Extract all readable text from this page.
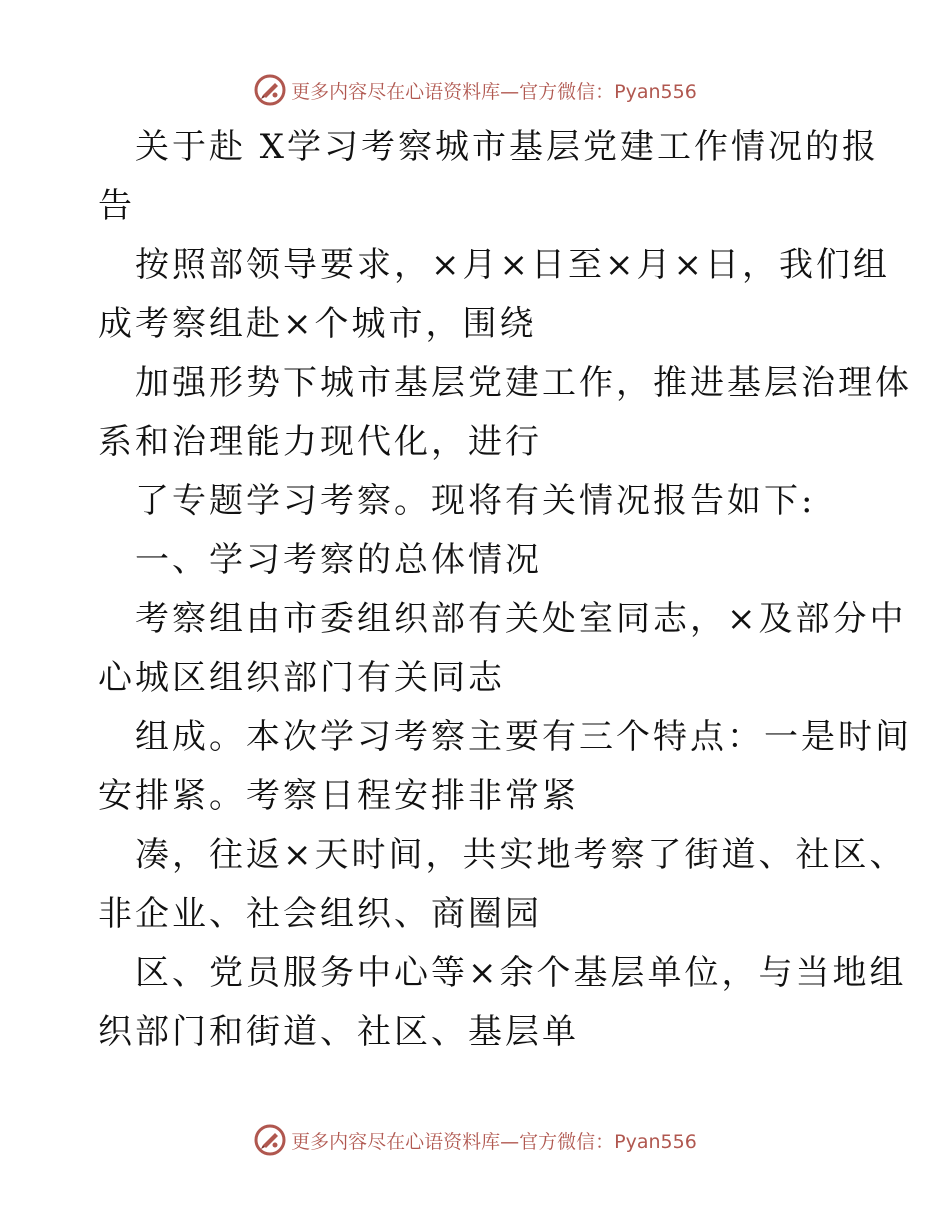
更多内容尽在心语资料库—官方微信：Pyan556
关于赴 X学习考察城市基层党建工作情况的报
告
按照部领导要求，×月×日至×月×日，我们组
成考察组赴×个城市，围绕
加强形势下城市基层党建工作，推进基层治理体
系和治理能力现代化，进行
了专题学习考察。现将有关情况报告如下:
一、学习考察的总体情况
考察组由市委组织部有关处室同志，×及部分中
心城区组织部门有关同志
组成。本次学习考察主要有三个特点：一是时间
安排紧。考察日程安排非常紧
凑，往返×天时间，共实地考察了街道、社区、
非企业、社会组织、商圈园
区、党员服务中心等×余个基层单位，与当地组
织部门和街道、社区、基层单
更多内容尽在心语资料库—官方微信：Pyan556
